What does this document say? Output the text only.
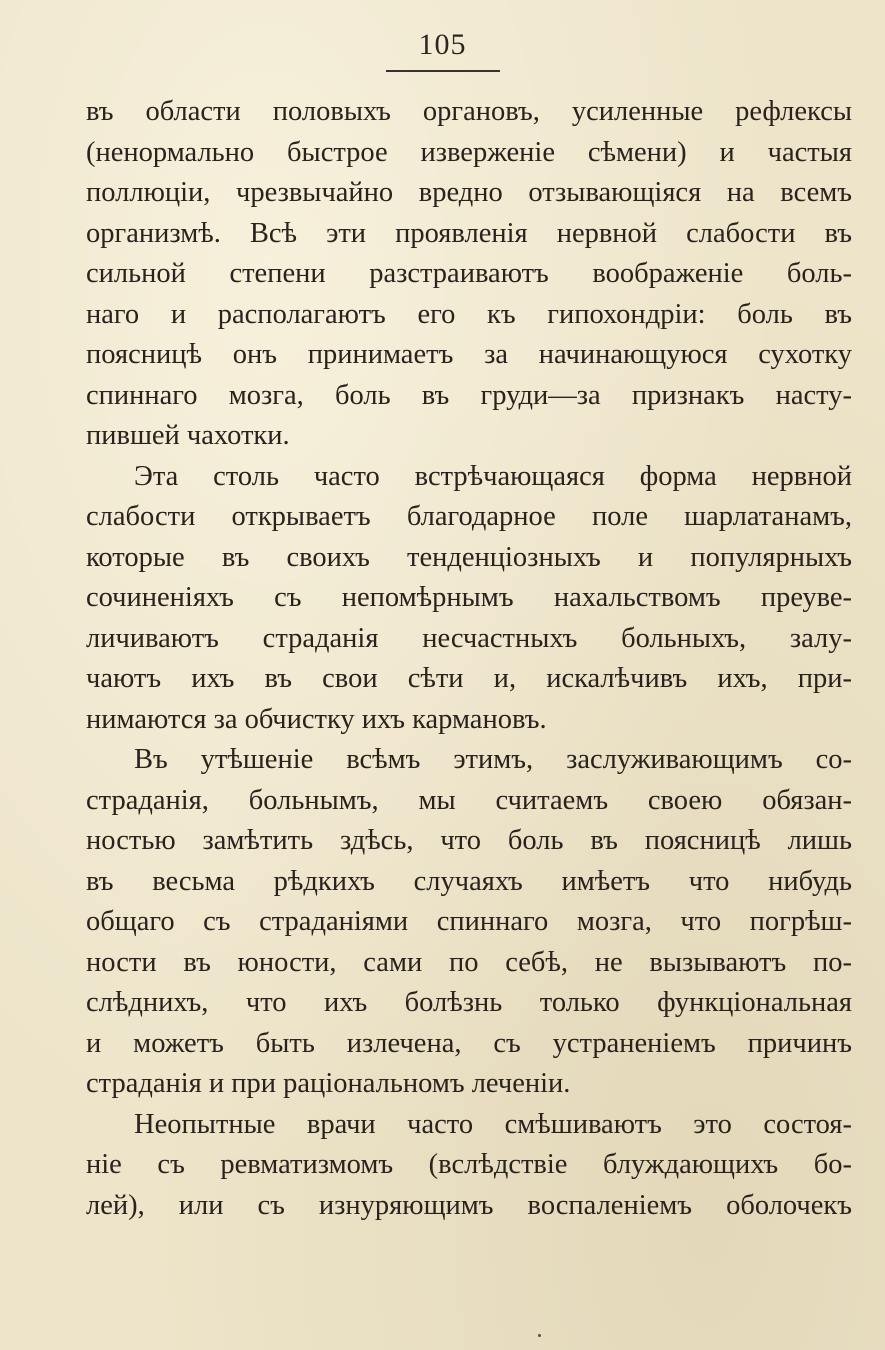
105
въ области половыхъ органовъ, усиленные рефлексы
(ненормально быстрое изверженіе сѣмени) и частыя
поллюціи, чрезвычайно вредно отзывающіяся на всемъ
организмѣ. Всѣ эти проявленія нервной слабости въ
сильной степени разстраиваютъ воображеніе боль-
наго и располагаютъ его къ гипохондріи: боль въ
поясницѣ онъ принимаетъ за начинающуюся сухотку
спиннаго мозга, боль въ груди—за признакъ насту-
пившей чахотки.
Эта столь часто встрѣчающаяся форма нервной
слабости открываетъ благодарное поле шарлатанамъ,
которые въ своихъ тенденціозныхъ и популярныхъ
сочиненіяхъ съ непомѣрнымъ нахальствомъ преуве-
личиваютъ страданія несчастныхъ больныхъ, залу-
чаютъ ихъ въ свои сѣти и, искалѣчивъ ихъ, при-
нимаются за обчистку ихъ кармановъ.
Въ утѣшеніе всѣмъ этимъ, заслуживающимъ со-
страданія, больнымъ, мы считаемъ своею обязан-
ностью замѣтить здѣсь, что боль въ поясницѣ лишь
въ весьма рѣдкихъ случаяхъ имѣетъ что нибудь
общаго съ страданіями спиннаго мозга, что погрѣш-
ности въ юности, сами по себѣ, не вызываютъ по-
слѣднихъ, что ихъ болѣзнь только функціональная
и можетъ быть излечена, съ устраненіемъ причинъ
страданія и при раціональномъ леченіи.
Неопытные врачи часто смѣшиваютъ это состоя-
ніе съ ревматизмомъ (вслѣдствіе блуждающихъ бо-
лей), или съ изнуряющимъ воспаленіемъ оболочекъ
